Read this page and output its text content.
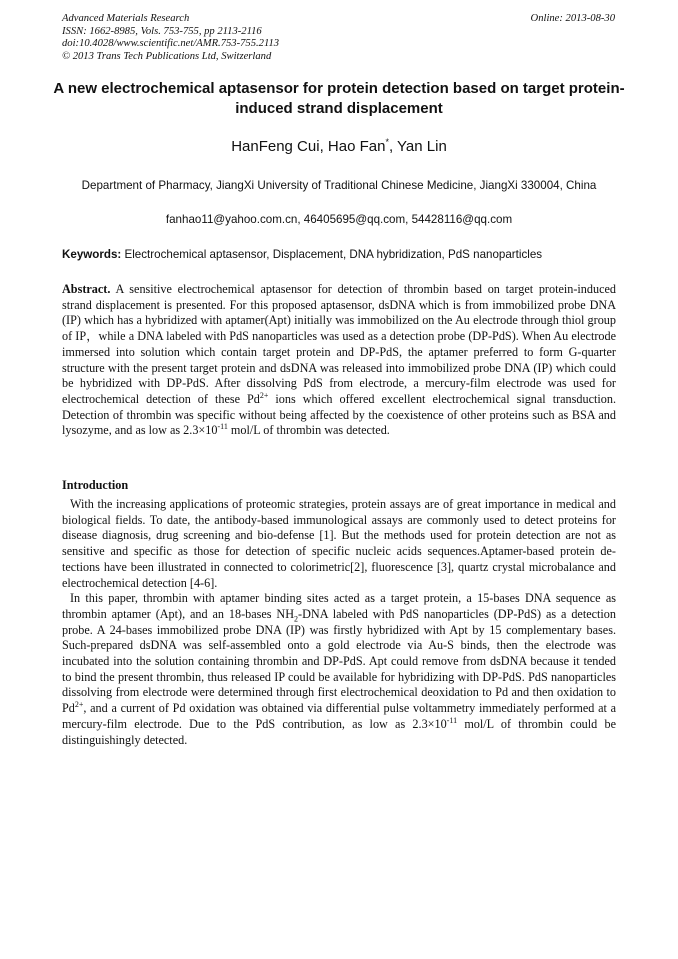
Advanced Materials Research
ISSN: 1662-8985, Vols. 753-755, pp 2113-2116
doi:10.4028/www.scientific.net/AMR.753-755.2113
© 2013 Trans Tech Publications Ltd, Switzerland
Online: 2013-08-30
A new electrochemical aptasensor for protein detection based on target protein-induced strand displacement
HanFeng Cui, Hao Fan*, Yan Lin
Department of Pharmacy, JiangXi University of Traditional Chinese Medicine, JiangXi 330004, China
fanhao11@yahoo.com.cn, 46405695@qq.com, 54428116@qq.com
Keywords: Electrochemical aptasensor, Displacement, DNA hybridization, PdS nanoparticles
Abstract. A sensitive electrochemical aptasensor for detection of thrombin based on target protein-induced strand displacement is presented. For this proposed aptasensor, dsDNA which is from immobilized probe DNA (IP) which has a hybridized with aptamer(Apt) initially was immobilized on the Au electrode through thiol group of IP，while a DNA labeled with PdS nanoparticles was used as a detection probe (DP-PdS). When Au electrode immersed into solution which contain target protein and DP-PdS, the aptamer preferred to form G-quarter structure with the present target protein and dsDNA was released into immobilized probe DNA (IP) which could be hybridized with DP-PdS. After dissolving PdS from electrode, a mercury-film electrode was used for electrochemical detection of these $Pd^{2+}$ ions which offered excellent electrochemical signal transduction. Detection of thrombin was specific without being affected by the coexistence of other proteins such as BSA and lysozyme, and as low as $2.3\times 10^{-11}$ mol/L of thrombin was detected.
Introduction

With the increasing applications of proteomic strategies, protein assays are of great importance in medical and biological fields. To date, the antibody-based immunological assays are commonly used to detect proteins for disease diagnosis, drug screening and bio-defense [1]. But the methods used for protein detection are not as sensitive and specific as those for detection of specific nucleic acids sequences.Aptamer-based protein de-tections have been illustrated in connected to colorimetric[2], fluorescence [3], quartz crystal microbalance and electrochemical detection [4-6].

In this paper, thrombin with aptamer binding sites acted as a target protein, a 15-bases DNA sequence as thrombin aptamer (Apt), and an 18-bases $NH_2$-DNA labeled with PdS nanoparticles (DP-PdS) as a detection probe. A 24-bases immobilized probe DNA (IP) was firstly hybridized with Apt by 15 complementary bases. Such-prepared dsDNA was self-assembled onto a gold electrode via Au-S binds, then the electrode was incubated into the solution containing thrombin and DP-PdS. Apt could remove from dsDNA because it tended to bind the present thrombin, thus released IP could be available for hybridizing with DP-PdS. PdS nanoparticles dissolving from electrode were determined through first electrochemical deoxidation to Pd and then oxidation to $Pd^{2+}$, and a current of Pd oxidation was obtained via differential pulse voltammetry immediately performed at a mercury-film electrode. Due to the PdS contribution, as low as $2.3\times 10^{-11}$ mol/L of thrombin could be distinguishingly detected.
